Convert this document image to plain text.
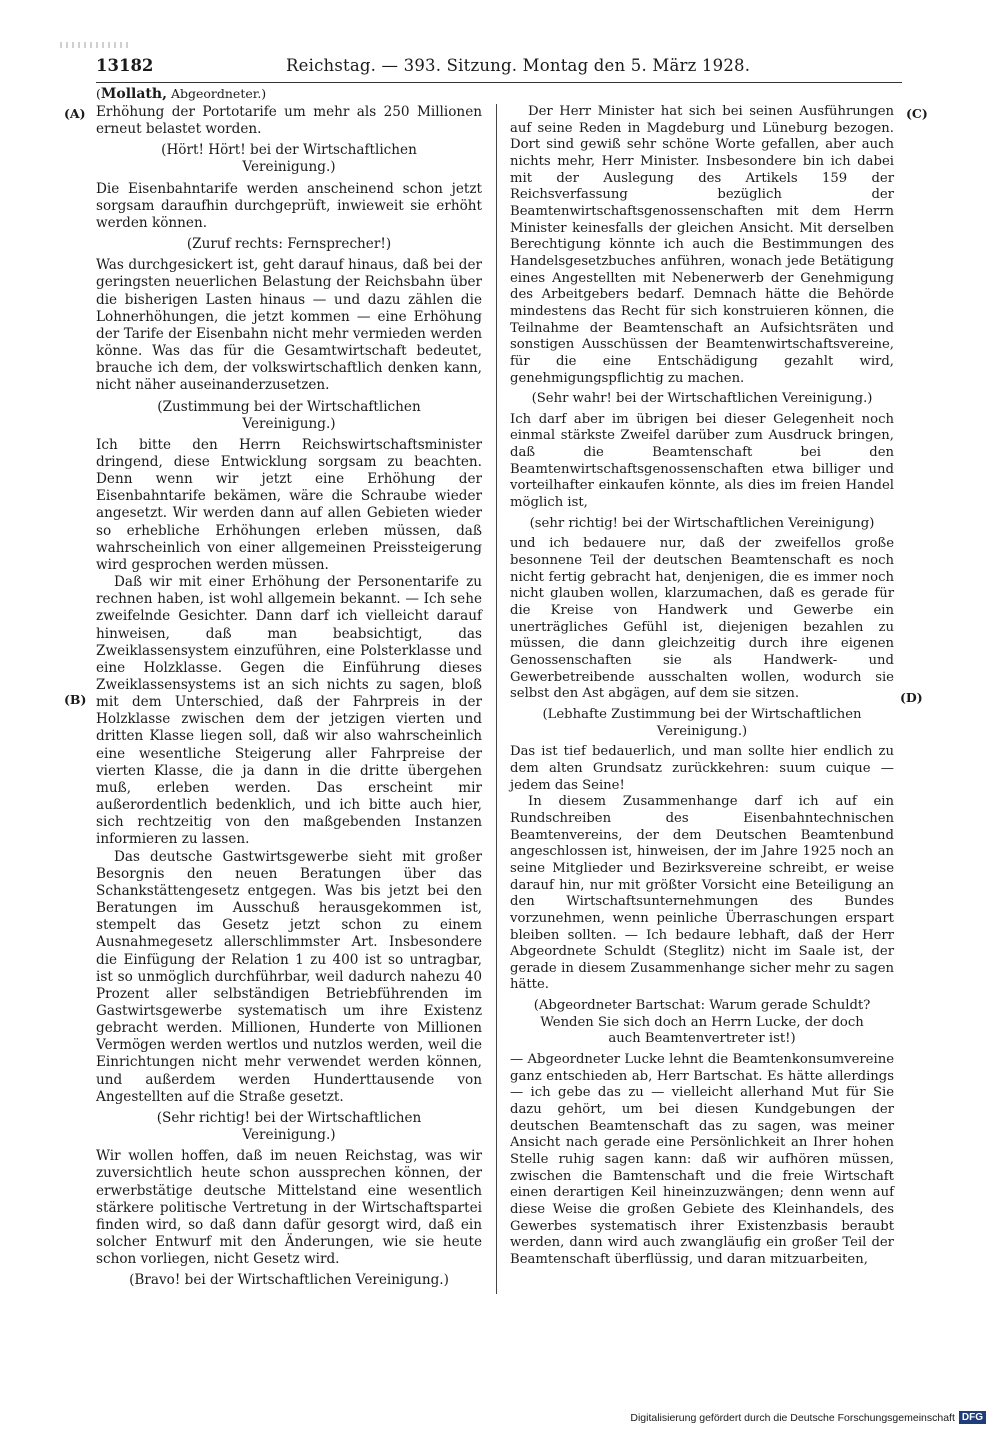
13182	Reichstag. — 393. Sitzung. Montag den 5. März 1928.
(Mollath, Abgeordneter.)
(A)
(B)
(C)
(D)

Erhöhung der Portotarife um mehr als 250 Millionen erneut belastet worden.

(Hört! Hört! bei der Wirtschaftlichen Vereinigung.)

Die Eisenbahntarife werden anscheinend schon jetzt sorgsam daraufhin durchgeprüft, inwieweit sie erhöht werden können.

(Zuruf rechts: Fernsprecher!)

Was durchgesickert ist, geht darauf hinaus, daß bei der geringsten neuerlichen Belastung der Reichsbahn über die bisherigen Lasten hinaus — und dazu zählen die Lohnerhöhungen, die jetzt kommen — eine Erhöhung der Tarife der Eisenbahn nicht mehr vermieden werden könne. Was das für die Gesamtwirtschaft bedeutet, brauche ich dem, der volkswirtschaftlich denken kann, nicht näher auseinanderzusetzen.

(Zustimmung bei der Wirtschaftlichen Vereinigung.)

Ich bitte den Herrn Reichswirtschaftsminister dringend, diese Entwicklung sorgsam zu beachten. Denn wenn wir jetzt eine Erhöhung der Eisenbahntarife bekämen, wäre die Schraube wieder angesetzt. Wir werden dann auf allen Gebieten wieder so erhebliche Erhöhungen erleben müssen, daß wahrscheinlich von einer allgemeinen Preissteigerung wird gesprochen werden müssen.

Daß wir mit einer Erhöhung der Personentarife zu rechnen haben, ist wohl allgemein bekannt. — Ich sehe zweifelnde Gesichter. Dann darf ich vielleicht darauf hinweisen, daß man beabsichtigt, das Zweiklassensystem einzuführen, eine Polsterklasse und eine Holzklasse. Gegen die Einführung dieses Zweiklassensystems ist an sich nichts zu sagen, bloß mit dem Unterschied, daß der Fahrpreis in der Holzklasse zwischen dem der jetzigen vierten und dritten Klasse liegen soll, daß wir also wahrscheinlich eine wesentliche Steigerung aller Fahrpreise der vierten Klasse, die ja dann in die dritte übergehen muß, erleben werden. Das erscheint mir außerordentlich bedenklich, und ich bitte auch hier, sich rechtzeitig von den maßgebenden Instanzen informieren zu lassen.

Das deutsche Gastwirtsgewerbe sieht mit großer Besorgnis den neuen Beratungen über das Schankstättengesetz entgegen. Was bis jetzt bei den Beratungen im Ausschuß herausgekommen ist, stempelt das Gesetz jetzt schon zu einem Ausnahmegesetz allerschlimmster Art. Insbesondere die Einfügung der Relation 1 zu 400 ist so untragbar, ist so unmöglich durchführbar, weil dadurch nahezu 40 Prozent aller selbständigen Betriebführenden im Gastwirtsgewerbe systematisch um ihre Existenz gebracht werden. Millionen, Hunderte von Millionen Vermögen werden wertlos und nutzlos werden, weil die Einrichtungen nicht mehr verwendet werden können, und außerdem werden Hunderttausende von Angestellten auf die Straße gesetzt.

(Sehr richtig! bei der Wirtschaftlichen Vereinigung.)

Wir wollen hoffen, daß im neuen Reichstag, was wir zuversichtlich heute schon aussprechen können, der erwerbstätige deutsche Mittelstand eine wesentlich stärkere politische Vertretung in der Wirtschaftspartei finden wird, so daß dann dafür gesorgt wird, daß ein solcher Entwurf mit den Änderungen, wie sie heute schon vorliegen, nicht Gesetz wird.

(Bravo! bei der Wirtschaftlichen Vereinigung.)

Der Herr Minister hat sich bei seinen Ausführungen auf seine Reden in Magdeburg und Lüneburg bezogen. Dort sind gewiß sehr schöne Worte gefallen, aber auch nichts mehr, Herr Minister. Insbesondere bin ich dabei mit der Auslegung des Artikels 159 der Reichsverfassung bezüglich der Beamtenwirtschaftsgenossenschaften mit dem Herrn Minister keinesfalls der gleichen Ansicht. Mit derselben Berechtigung könnte ich auch die Bestimmungen des Handelsgesetzbuches anführen, wonach jede Betätigung eines Angestellten mit Nebenerwerb der Genehmigung des Arbeitgebers bedarf. Demnach hätte die Behörde mindestens das Recht für sich konstruieren können, die Teilnahme der Beamtenschaft an Aufsichtsräten und sonstigen Ausschüssen der Beamtenwirtschaftsvereine, für die eine Entschädigung gezahlt wird, genehmigungspflichtig zu machen.

(Sehr wahr! bei der Wirtschaftlichen Vereinigung.)

Ich darf aber im übrigen bei dieser Gelegenheit noch einmal stärkste Zweifel darüber zum Ausdruck bringen, daß die Beamtenschaft bei den Beamtenwirtschaftsgenossenschaften etwa billiger und vorteilhafter einkaufen könnte, als dies im freien Handel möglich ist,

(sehr richtig! bei der Wirtschaftlichen Vereinigung)

und ich bedauere nur, daß der zweifellos große besonnene Teil der deutschen Beamtenschaft es noch nicht fertig gebracht hat, denjenigen, die es immer noch nicht glauben wollen, klarzumachen, daß es gerade für die Kreise von Handwerk und Gewerbe ein unerträgliches Gefühl ist, diejenigen bezahlen zu müssen, die dann gleichzeitig durch ihre eigenen Genossenschaften sie als Handwerk- und Gewerbetreibende ausschalten wollen, wodurch sie selbst den Ast abgägen, auf dem sie sitzen.

(Lebhafte Zustimmung bei der Wirtschaftlichen Vereinigung.)

Das ist tief bedauerlich, und man sollte hier endlich zu dem alten Grundsatz zurückkehren: suum cuique — jedem das Seine!

In diesem Zusammenhange darf ich auf ein Rundschreiben des Eisenbahntechnischen Beamtenvereins, der dem Deutschen Beamtenbund angeschlossen ist, hinweisen, der im Jahre 1925 noch an seine Mitglieder und Bezirksvereine schreibt, er weise darauf hin, nur mit größter Vorsicht eine Beteiligung an den Wirtschaftsunternehmungen des Bundes vorzunehmen, wenn peinliche Überraschungen erspart bleiben sollten. — Ich bedaure lebhaft, daß der Herr Abgeordnete Schuldt (Steglitz) nicht im Saale ist, der gerade in diesem Zusammenhange sicher mehr zu sagen hätte.

(Abgeordneter Bartschat: Warum gerade Schuldt? Wenden Sie sich doch an Herrn Lucke, der doch auch Beamtenvertreter ist!)

— Abgeordneter Lucke lehnt die Beamtenkonsumvereine ganz entschieden ab, Herr Bartschat. Es hätte allerdings — ich gebe das zu — vielleicht allerhand Mut für Sie dazu gehört, um bei diesen Kundgebungen der deutschen Beamtenschaft das zu sagen, was meiner Ansicht nach gerade eine Persönlichkeit an Ihrer hohen Stelle ruhig sagen kann: daß wir aufhören müssen, zwischen die Bamtenschaft und die freie Wirtschaft einen derartigen Keil hineinzuzwängen; denn wenn auf diese Weise die großen Gebiete des Kleinhandels, des Gewerbes systematisch ihrer Existenzbasis beraubt werden, dann wird auch zwangläufig ein großer Teil der Beamtenschaft überflüssig, und daran mitzuarbeiten,

Digitalisierung gefördert durch die Deutsche Forschungsgemeinschaft DFG
